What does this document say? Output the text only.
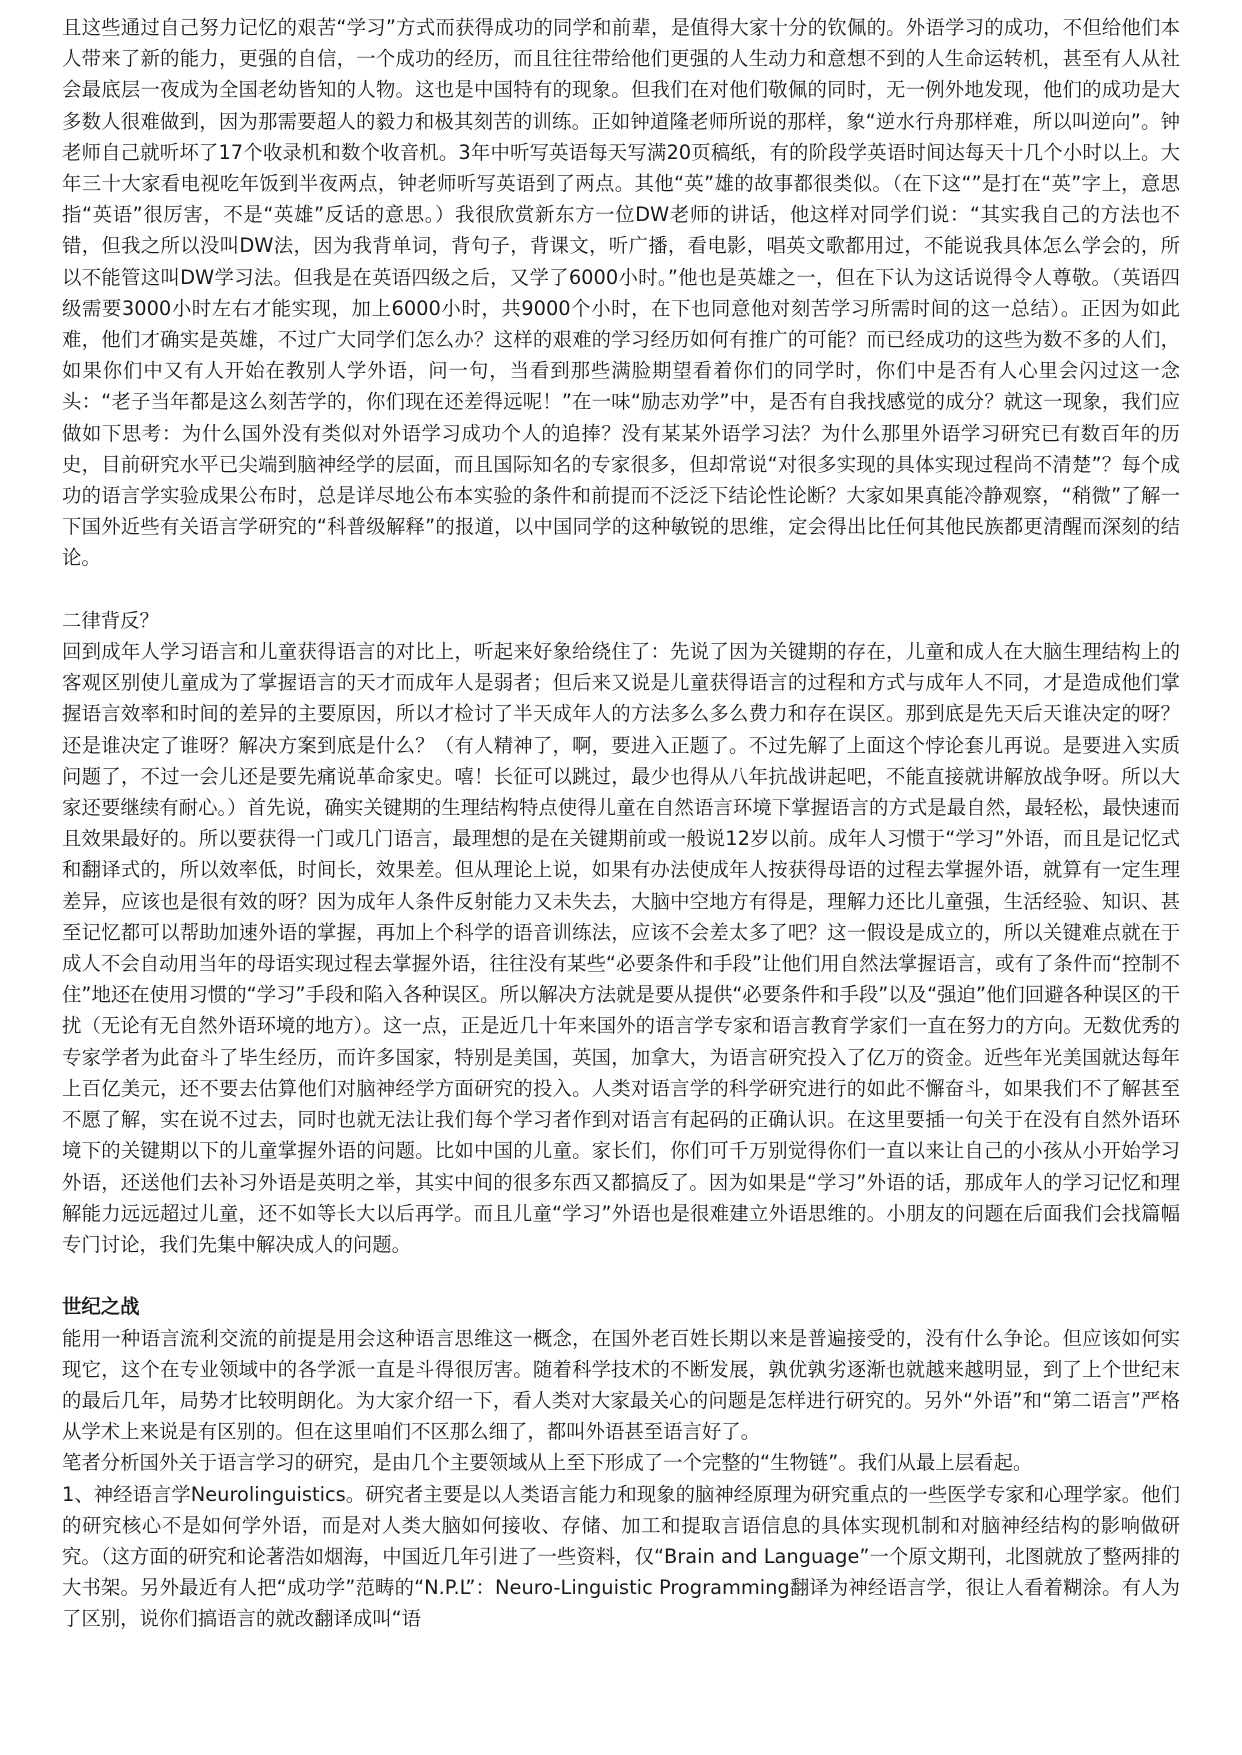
且这些通过自己努力记忆的艰苦“学习”方式而获得成功的同学和前辈，是值得大家十分的钦佩的。外语学习的成功，不但给他们本人带来了新的能力，更强的自信，一个成功的经历，而且往往带给他们更强的人生动力和意想不到的人生命运转机，甚至有人从社会最底层一夜成为全国老幼皆知的人物。这也是中国特有的现象。但我们在对他们敬佩的同时，无一例外地发现，他们的成功是大多数人很难做到，因为那需要超人的毅力和极其刻苦的训练。正如钟道隆老师所说的那样，象“逆水行舟那样难，所以叫逆向”。钟老师自己就听坏了17个收录机和数个收音机。3年中听写英语每天写满20页稿纸，有的阶段学英语时间达每天十几个小时以上。大年三十大家看电视吃年饭到半夜两点，钟老师听写英语到了两点。其他“英”雄的故事都很类似。（在下这“”是打在“英”字上，意思指“英语”很厉害，不是“英雄”反话的意思。）我很欣赏新东方一位DW老师的讲话，他这样对同学们说：“其实我自己的方法也不错，但我之所以没叫DW法，因为我背单词，背句子，背课文，听广播，看电影，唱英文歌都用过，不能说我具体怎么学会的，所以不能管这叫DW学习法。但我是在英语四级之后，又学了6000小时。”他也是英雄之一，但在下认为这话说得令人尊敬。（英语四级需要3000小时左右才能实现，加上6000小时，共9000个小时，在下也同意他对刻苦学习所需时间的这一总结）。正因为如此难，他们才确实是英雄，不过广大同学们怎么办？这样的艰难的学习经历如何有推广的可能？而已经成功的这些为数不多的人们，如果你们中又有人开始在教别人学外语，问一句，当看到那些满脸期望看着你们的同学时，你们中是否有人心里会闪过这一念头：“老子当年都是这么刻苦学的，你们现在还差得远呢！”在一味“励志劝学”中，是否有自我找感觉的成分？就这一现象，我们应做如下思考：为什么国外没有类似对外语学习成功个人的追捧？没有某某外语学习法？为什么那里外语学习研究已有数百年的历史，目前研究水平已尖端到脑神经学的层面，而且国际知名的专家很多，但却常说“对很多实现的具体实现过程尚不清楚”？每个成功的语言学实验成果公布时，总是详尽地公布本实验的条件和前提而不泛泛下结论性论断？大家如果真能冷静观察，“稍微”了解一下国外近些有关语言学研究的“科普级解释”的报道，以中国同学的这种敏锐的思维，定会得出比任何其他民族都更清醒而深刻的结论。

二律背反？

回到成年人学习语言和儿童获得语言的对比上，听起来好象给绕住了：先说了因为关键期的存在，儿童和成人在大脑生理结构上的客观区别使儿童成为了掌握语言的天才而成年人是弱者；但后来又说是儿童获得语言的过程和方式与成年人不同，才是造成他们掌握语言效率和时间的差异的主要原因，所以才检讨了半天成年人的方法多么多么费力和存在误区。那到底是先天后天谁决定的呀？还是谁决定了谁呀？解决方案到底是什么？（有人精神了，啊，要进入正题了。不过先解了上面这个悖论套儿再说。是要进入实质问题了，不过一会儿还是要先痛说革命家史。嘻！长征可以跳过，最少也得从八年抗战讲起吧，不能直接就讲解放战争呀。所以大家还要继续有耐心。）首先说，确实关键期的生理结构特点使得儿童在自然语言环境下掌握语言的方式是最自然，最轻松，最快速而且效果最好的。所以要获得一门或几门语言，最理想的是在关键期前或一般说12岁以前。成年人习惯于“学习”外语，而且是记忆式和翻译式的，所以效率低，时间长，效果差。但从理论上说，如果有办法使成年人按获得母语的过程去掌握外语，就算有一定生理差异，应该也是很有效的呀？因为成年人条件反射能力又未失去，大脑中空地方有得是，理解力还比儿童强，生活经验、知识、甚至记忆都可以帮助加速外语的掌握，再加上个科学的语音训练法，应该不会差太多了吧？这一假设是成立的，所以关键难点就在于成人不会自动用当年的母语实现过程去掌握外语，往往没有某些“必要条件和手段”让他们用自然法掌握语言，或有了条件而“控制不住”地还在使用习惯的“学习”手段和陷入各种误区。所以解决方法就是要从提供“必要条件和手段”以及“强迫”他们回避各种误区的干扰（无论有无自然外语环境的地方）。这一点，正是近几十年来国外的语言学专家和语言教育学家们一直在努力的方向。无数优秀的专家学者为此奋斗了毕生经历，而许多国家，特别是美国，英国，加拿大，为语言研究投入了亿万的资金。近些年光美国就达每年上百亿美元，还不要去估算他们对脑神经学方面研究的投入。人类对语言学的科学研究进行的如此不懈奋斗，如果我们不了解甚至不愿了解，实在说不过去，同时也就无法让我们每个学习者作到对语言有起码的正确认识。在这里要插一句关于在没有自然外语环境下的关键期以下的儿童掌握外语的问题。比如中国的儿童。家长们，你们可千万别觉得你们一直以来让自己的小孩从小开始学习外语，还送他们去补习外语是英明之举，其实中间的很多东西又都搞反了。因为如果是“学习”外语的话，那成年人的学习记忆和理解能力远远超过儿童，还不如等长大以后再学。而且儿童“学习”外语也是很难建立外语思维的。小朋友的问题在后面我们会找篇幅专门讨论，我们先集中解决成人的问题。

世纪之战

能用一种语言流利交流的前提是用会这种语言思维这一概念，在国外老百姓长期以来是普遍接受的，没有什么争论。但应该如何实现它，这个在专业领域中的各学派一直是斗得很厉害。随着科学技术的不断发展，孰优孰劣逐渐也就越来越明显，到了上个世纪末的最后几年，局势才比较明朗化。为大家介绍一下，看人类对大家最关心的问题是怎样进行研究的。另外“外语”和“第二语言”严格从学术上来说是有区别的。但在这里咱们不区那么细了，都叫外语甚至语言好了。

笔者分析国外关于语言学习的研究，是由几个主要领域从上至下形成了一个完整的“生物链”。我们从最上层看起。

1、神经语言学Neurolinguistics。研究者主要是以人类语言能力和现象的脑神经原理为研究重点的一些医学专家和心理学家。他们的研究核心不是如何学外语，而是对人类大脑如何接收、存储、加工和提取言语信息的具体实现机制和对脑神经结构的影响做研究。（这方面的研究和论著浩如烟海，中国近几年引进了一些资料，仅“Brain and Language”一个原文期刊，北图就放了整两排的大书架。另外最近有人把“成功学”范畴的“N.P.L”：Neuro-Linguistic Programming翻译为神经语言学，很让人看着糊涂。有人为了区别，说你们搞语言的就改翻译成叫“语
